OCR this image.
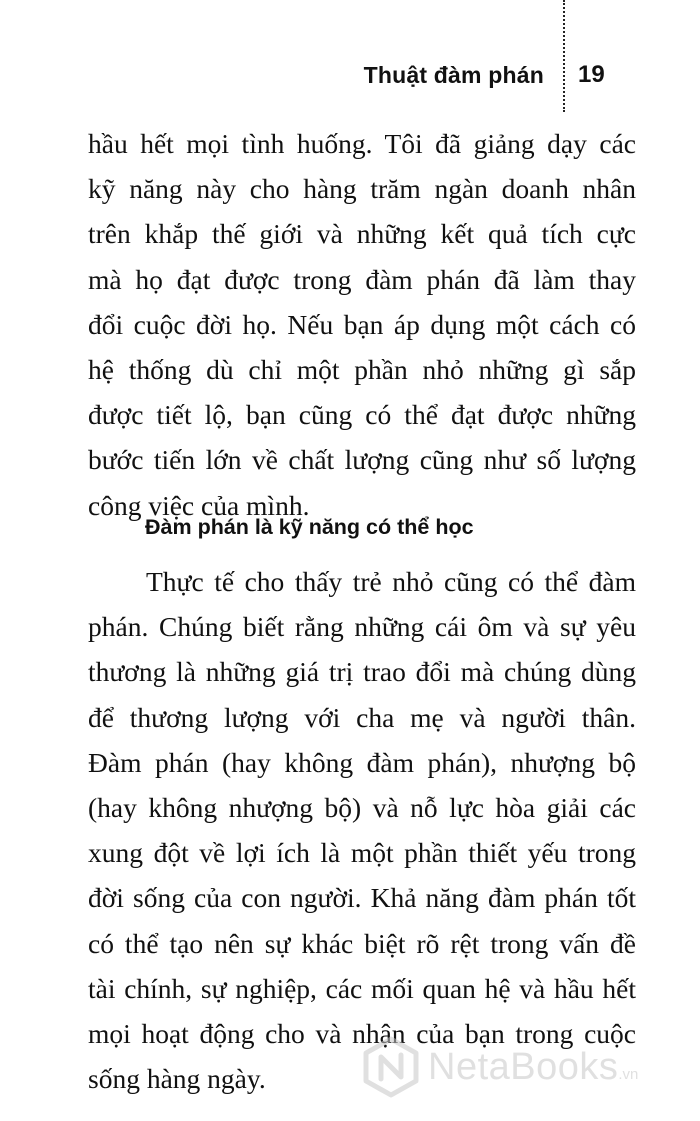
Thuật đàm phán 19
hầu hết mọi tình huống. Tôi đã giảng dạy các
kỹ năng này cho hàng trăm ngàn doanh nhân
trên khắp thế giới và những kết quả tích cực
mà họ đạt được trong đàm phán đã làm thay
đổi cuộc đời họ. Nếu bạn áp dụng một cách có
hệ thống dù chỉ một phần nhỏ những gì sắp
được tiết lộ, bạn cũng có thể đạt được những
bước tiến lớn về chất lượng cũng như số lượng
công việc của mình.
Đàm phán là kỹ năng có thể học
Thực tế cho thấy trẻ nhỏ cũng có thể đàm
phán. Chúng biết rằng những cái ôm và sự yêu
thương là những giá trị trao đổi mà chúng dùng
để thương lượng với cha mẹ và người thân.
Đàm phán (hay không đàm phán), nhượng bộ
(hay không nhượng bộ) và nỗ lực hòa giải các
xung đột về lợi ích là một phần thiết yếu trong
đời sống của con người. Khả năng đàm phán tốt
có thể tạo nên sự khác biệt rõ rệt trong vấn đề
tài chính, sự nghiệp, các mối quan hệ và hầu hết
mọi hoạt động cho và nhận của bạn trong cuộc
sống hàng ngày.	NetaBooks.vn
